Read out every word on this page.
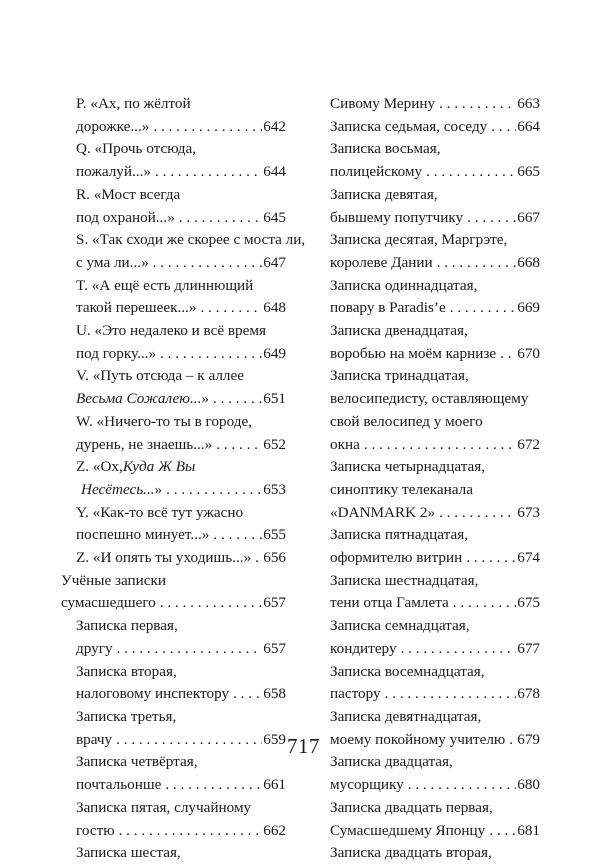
P. «Ах, по жёлтой
дорожке...» . . .	642
Q. «Прочь отсюда,
пожалуй...» . . .	644
R. «Мост всегда
под охраной...» . . .	645
S. «Так сходи же скорее с моста ли,
с ума ли...» . . .	647
T. «А ещё есть длиннющий
такой перешеек...» . . .	648
U. «Это недалеко и всё время
под горку...» . . .	649
V. «Путь отсюда – к аллее
Весьма Сожалею... » . . .	651
W. «Ничего-то ты в городе,
дурень, не знаешь...» . . .	652
Z. «Ох, Куда Ж Вы
Несётесь... » . . .	653
Y. «Как-то всё тут ужасно
поспешно минует...» . . .	655
Z. «И опять ты уходишь...» . . . 656
Учёные записки
сумасшедшего . . .	657
Записка первая,
другу . . .	657
Записка вторая,
налоговому инспектору . . . 658
Записка третья,
врачу . . .	659
Записка четвёртая,
почтальонше . . .	661
Записка пятая, случайному
гостю . . .	662
Записка шестая,
Сивому Мерину . . .	663
Записка седьмая, соседу . . . 664
Записка восьмая,
полицейскому . . .	665
Записка девятая,
бывшему попутчику . . .	667
Записка десятая, Маргрэте,
королеве Дании . . .	668
Записка одиннадцатая,
повару в Paradis’e . . .	669
Записка двенадцатая,
воробью на моём карнизе . . . 670
Записка тринадцатая,
велосипедисту, оставляющему
свой велосипед у моего
окна . . .	672
Записка четырнадцатая,
синоптику телеканала
«DANMARK 2» . . .	673
Записка пятнадцатая,
оформителю витрин . . .	674
Записка шестнадцатая,
тени отца Гамлета . . .	675
Записка семнадцатая,
кондитеру . . .	677
Записка восемнадцатая,
пастору . . .	678
Записка девятнадцатая,
моему покойному учителю . . . 679
Записка двадцатая,
мусорщику . . .	680
Записка двадцать первая,
Сумасшедшему Японцу . . . 681
Записка двадцать вторая,
717
